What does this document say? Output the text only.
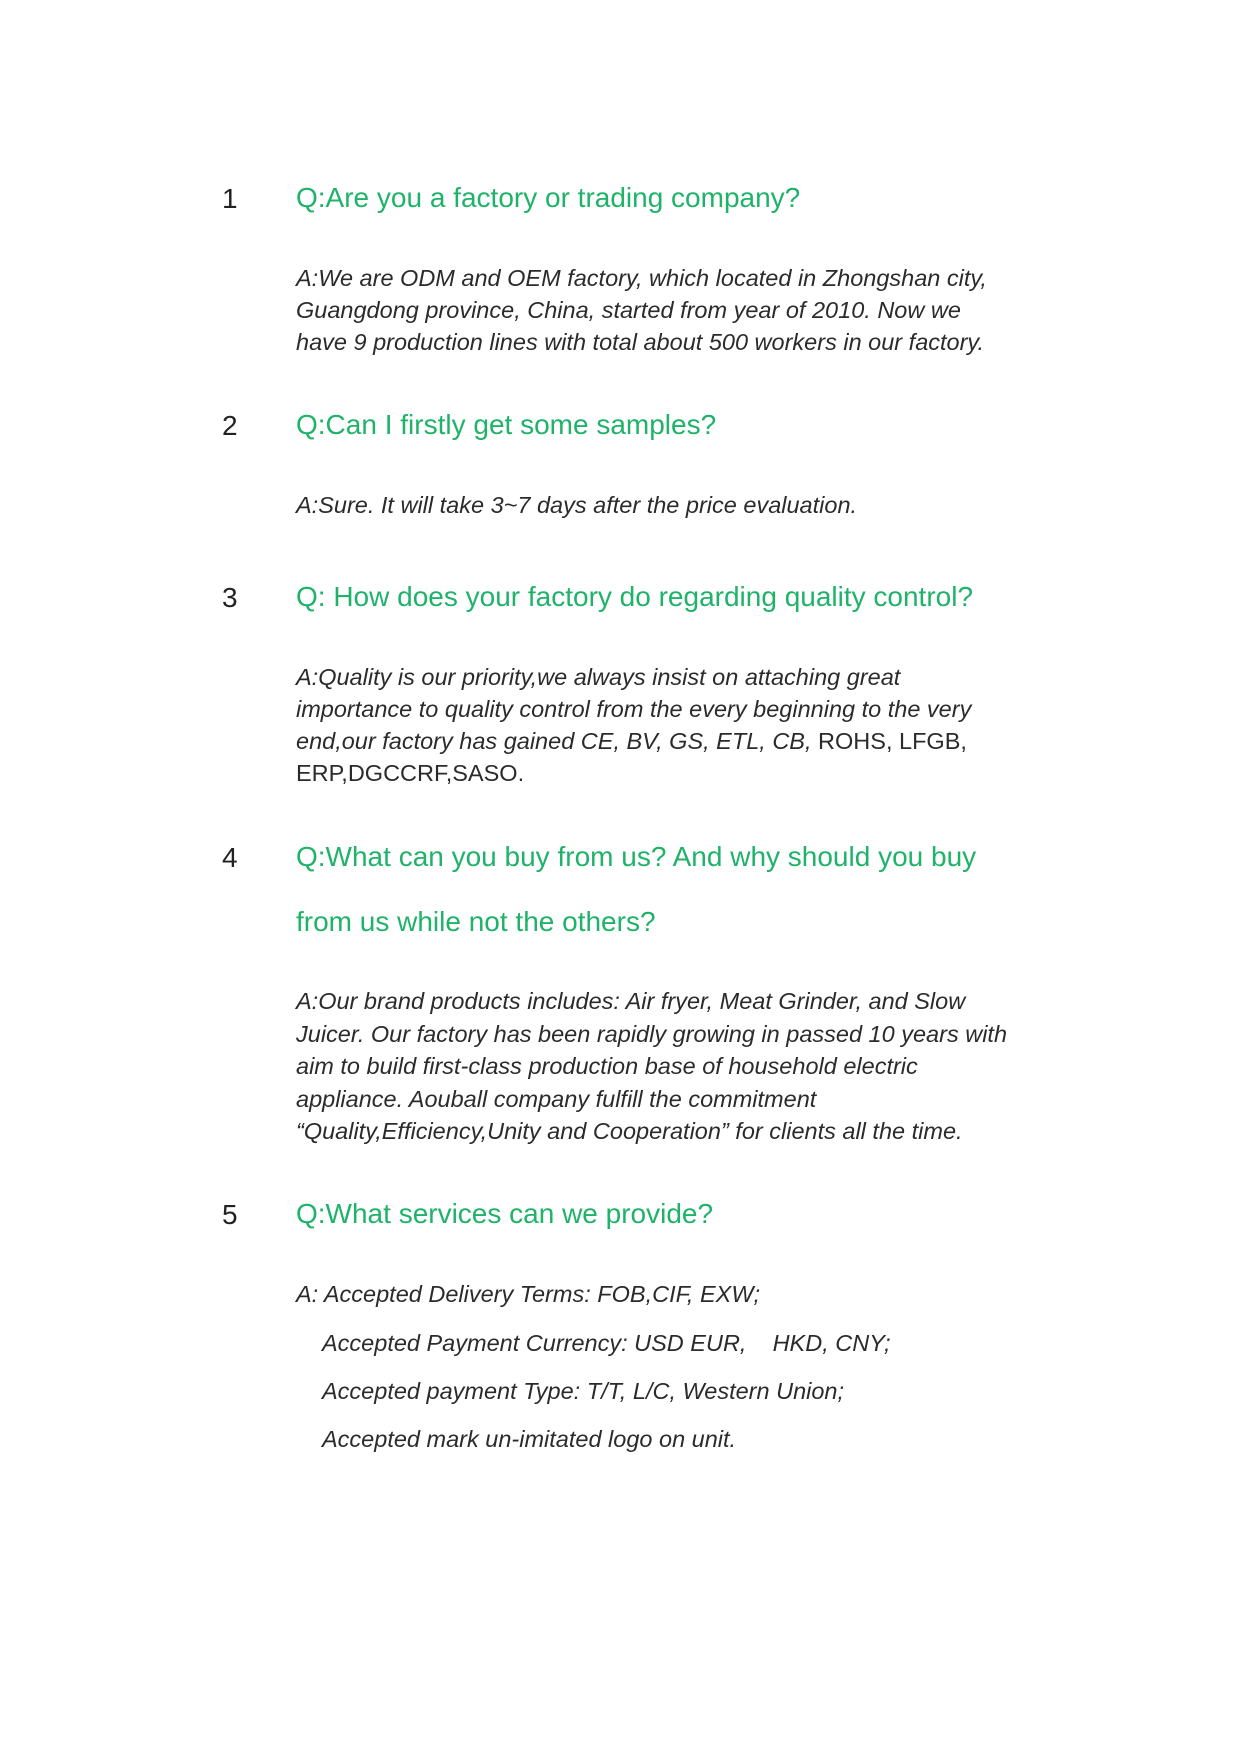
1 Q:Are you a factory or trading company?
A:We are ODM and OEM factory, which located in Zhongshan city,
Guangdong province, China, started from year of 2010. Now we
have 9 production lines with total about 500 workers in our factory.
2 Q:Can I firstly get some samples?
A:Sure. It will take 3~7 days after the price evaluation.
3 Q: How does your factory do regarding quality control?
A:Quality is our priority,we always insist on attaching great
importance to quality control from the every beginning to the very
end,our factory has gained CE, BV, GS, ETL, CB, ROHS, LFGB,
ERP,DGCCRF,SASO.
4 Q:What can you buy from us? And why should you buy
from us while not the others?
A:Our brand products includes: Air fryer, Meat Grinder, and Slow
Juicer. Our factory has been rapidly growing in passed 10 years with
aim to build first-class production base of household electric
appliance. Aouball company fulfill the commitment
“Quality,Efficiency,Unity and Cooperation” for clients all the time.
5 Q:What services can we provide?
A: Accepted Delivery Terms: FOB,CIF, EXW;
Accepted Payment Currency: USD EUR,    HKD, CNY;
Accepted payment Type: T/T, L/C, Western Union;
Accepted mark un-imitated logo on unit.
